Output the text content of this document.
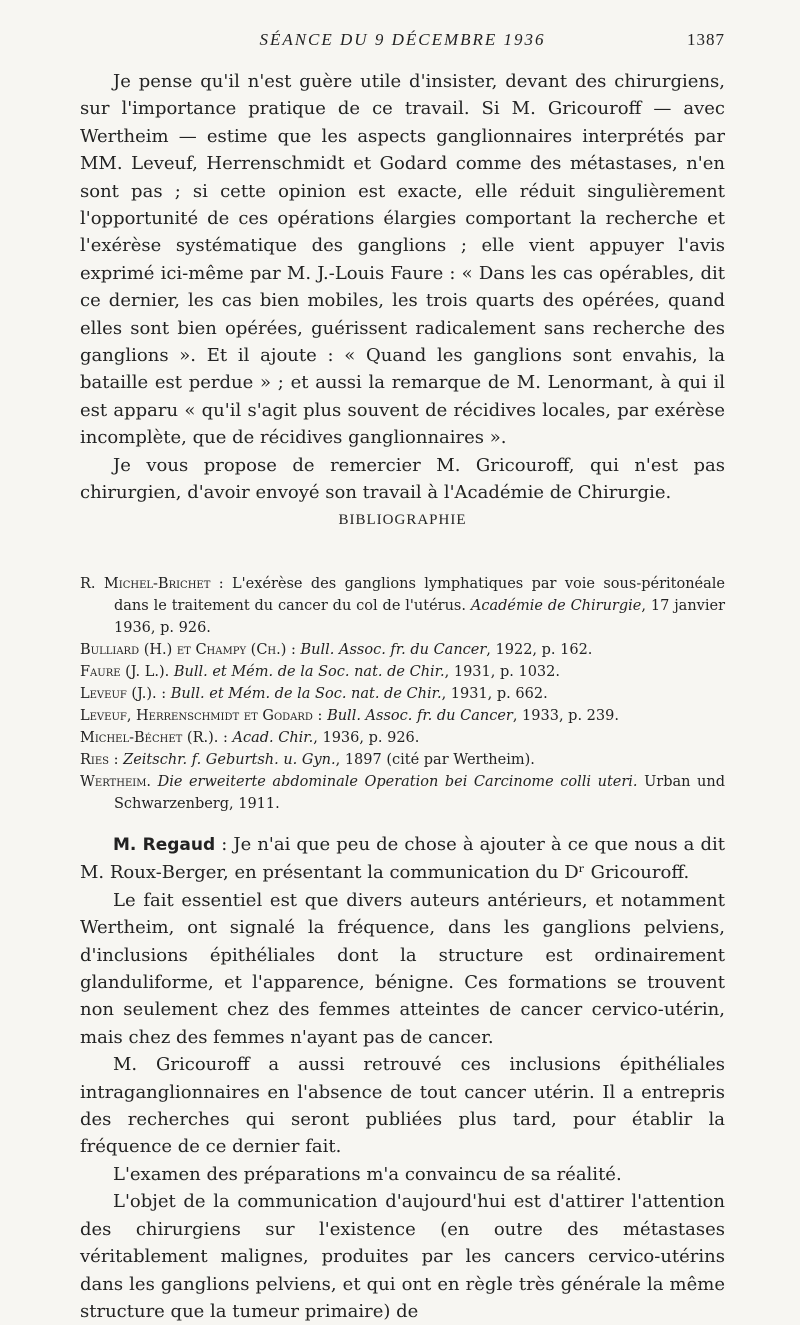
SÉANCE DU 9 DÉCEMBRE 1936	1387

Je pense qu'il n'est guère utile d'insister, devant des chirurgiens, sur l'importance pratique de ce travail. Si M. Gricouroff — avec Wertheim — estime que les aspects ganglionnaires interprétés par MM. Leveuf, Herrenschmidt et Godard comme des métastases, n'en sont pas ; si cette opinion est exacte, elle réduit singulièrement l'opportunité de ces opérations élargies comportant la recherche et l'exérèse systématique des ganglions ; elle vient appuyer l'avis exprimé ici-même par M. J.-Louis Faure : « Dans les cas opérables, dit ce dernier, les cas bien mobiles, les trois quarts des opérées, quand elles sont bien opérées, guérissent radicalement sans recherche des ganglions ». Et il ajoute : « Quand les ganglions sont envahis, la bataille est perdue » ; et aussi la remarque de M. Lenormant, à qui il est apparu « qu'il s'agit plus souvent de récidives locales, par exérèse incomplète, que de récidives ganglionnaires ».

Je vous propose de remercier M. Gricouroff, qui n'est pas chirurgien, d'avoir envoyé son travail à l'Académie de Chirurgie.

BIBLIOGRAPHIE

R. Michel-Brichet : L'exérèse des ganglions lymphatiques par voie sous-péritonéale dans le traitement du cancer du col de l'utérus. Académie de Chirurgie, 17 janvier 1936, p. 926.

Bulliard (H.) et Champy (Ch.) : Bull. Assoc. fr. du Cancer, 1922, p. 162.

Faure (J. L.). Bull. et Mém. de la Soc. nat. de Chir., 1931, p. 1032.

Leveuf (J.). : Bull. et Mém. de la Soc. nat. de Chir., 1931, p. 662.

Leveuf, Herrenschmidt et Godard : Bull. Assoc. fr. du Cancer, 1933, p. 239.

Michel-Béchet (R.). : Acad. Chir., 1936, p. 926.

Ries : Zeitschr. f. Geburtsh. u. Gyn., 1897 (cité par Wertheim).

Wertheim. Die erweiterte abdominale Operation bei Carcinome colli uteri. Urban und Schwarzenberg, 1911.

M. Regaud : Je n'ai que peu de chose à ajouter à ce que nous a dit M. Roux-Berger, en présentant la communication du Dʳ Gricouroff.

Le fait essentiel est que divers auteurs antérieurs, et notamment Wertheim, ont signalé la fréquence, dans les ganglions pelviens, d'inclusions épithéliales dont la structure est ordinairement glanduliforme, et l'apparence, bénigne. Ces formations se trouvent non seulement chez des femmes atteintes de cancer cervico-utérin, mais chez des femmes n'ayant pas de cancer.

M. Gricouroff a aussi retrouvé ces inclusions épithéliales intraganglionnaires en l'absence de tout cancer utérin. Il a entrepris des recherches qui seront publiées plus tard, pour établir la fréquence de ce dernier fait.

L'examen des préparations m'a convaincu de sa réalité.

L'objet de la communication d'aujourd'hui est d'attirer l'attention des chirurgiens sur l'existence (en outre des métastases véritablement malignes, produites par les cancers cervico-utérins dans les ganglions pelviens, et qui ont en règle très générale la même structure que la tumeur primaire) de
